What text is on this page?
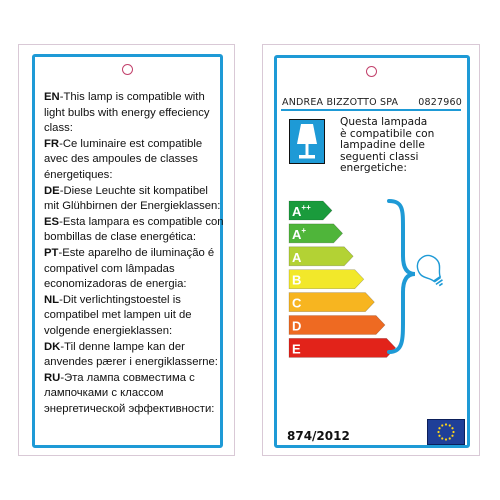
EN-This lamp is compatible with light bulbs with energy effeciency class:

FR-Ce luminaire est compatible avec des ampoules de classes énergetiques:

DE-Diese Leuchte sit kompatibel mit Glühbirnen der Energieklassen:

ES-Esta lampara es compatible con bombillas de clase energética:

PT-Este aparelho de iluminação é compativel com lâmpadas economizadoras de energia:

NL-Dit verlichtingstoestel is compatibel met lampen uit de volgende energieklassen:

DK-Til denne lampe kan der anvendes pærer i energiklasserne:

RU-Эта лампа совместима с лампочками с классом энергетической эффективности:

ANDREA BIZZOTTO SPA 0827960
Questa lampada
è compatibile con
lampadine delle
seguenti classi
energetiche:
A++
A+
A
B
C
D
E
874/2012
